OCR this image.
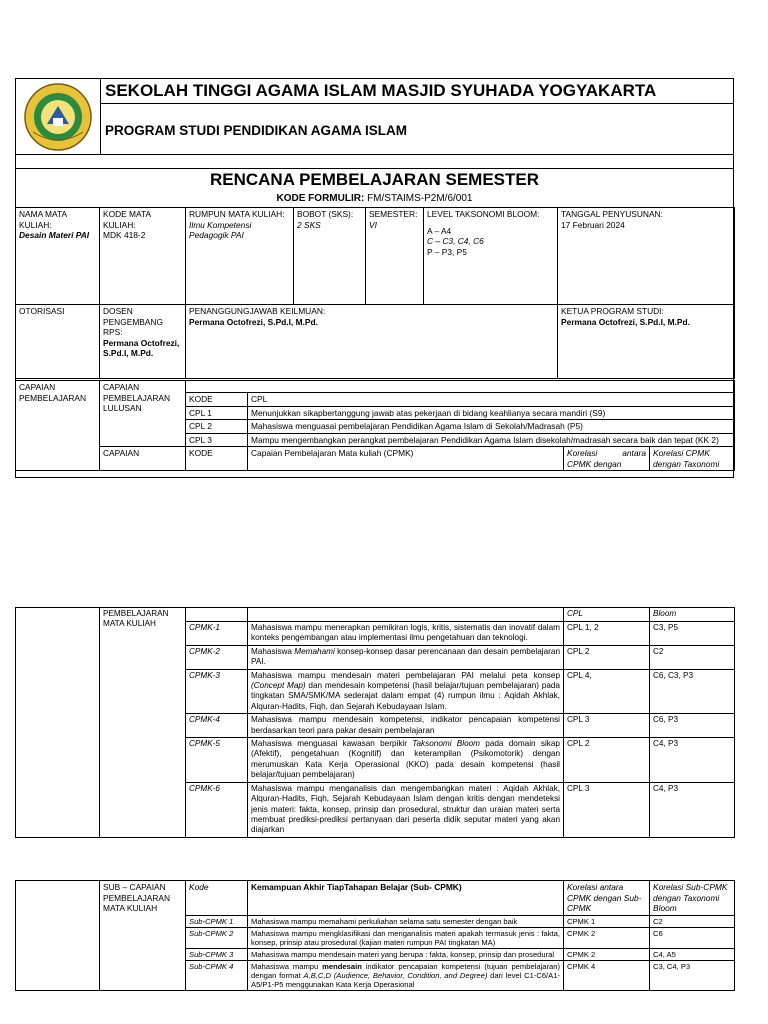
SEKOLAH TINGGI AGAMA ISLAM MASJID SYUHADA YOGYAKARTA
PROGRAM STUDI PENDIDIKAN AGAMA ISLAM
RENCANA PEMBELAJARAN SEMESTER
KODE FORMULIR: FM/STAIMS-P2M/6/001
NAMA MATA KULIAH:
Desain Materi PAI	KODE MATA KULIAH:
MDK 418-2	RUMPUN MATA KULIAH:
Ilmu Kompetensi Pedagogik PAI	BOBOT (SKS):
2 SKS	SEMESTER:
VI	LEVEL TAKSONOMI BLOOM:

A – A4
C – C3, C4, C6
P – P3, P5	TANGGAL PENYUSUNAN:
17 Februari 2024
OTORISASI	DOSEN PENGEMBANG RPS:
Permana Octofrezi, S.Pd.I, M.Pd.	PENANGGUNGJAWAB KEILMUAN:
Permana Octofrezi, S.Pd.I, M.Pd.				KETUA PROGRAM STUDI:
Permana Octofrezi, S.Pd.I, M.Pd.
CAPAIAN PEMBELAJARAN	CAPAIAN PEMBELAJARAN LULUSAN				
		KODE	CPL		
		CPL 1	Menunjukkan sikapbertanggung jawab atas pekerjaan di bidang keahlianya secara mandiri (S9)		
		CPL 2	Mahasiswa menguasai pembelajaran Pendidikan Agama Islam di Sekolah/Madrasah (P5)		
		CPL 3	Mampu mengembangkan perangkat pembelajaran Pendidikan Agama Islam disekolah/madrasah secara baik dan tepat (KK 2)		
	CAPAIAN	KODE	Capaian Pembelajaran Mata kuliah (CPMK)	Korelasi antara CPMK dengan	Korelasi CPMK dengan Taxonomi
	PEMBELAJARAN MATA KULIAH			CPL	Bloom
		CPMK-1	Mahasiswa mampu menerapkan pemikiran logis, kritis, sistematis dan inovatif dalam konteks pengembangan atau implementasi ilmu pengetahuan dan teknologi.	CPL 1, 2	C3, P5
		CPMK-2	Mahasiswa Memahami konsep-konsep dasar perencanaan dan desain pembelajaran PAI.	CPL 2	C2
		CPMK-3	Mahasiswa mampu mendesain materi pembelajaran PAI melalui peta konsep (Concept Map) dan mendesain kompetensi (hasil belajar/tujuan pembelajaran) pada tingkatan SMA/SMK/MA sederajat dalam empat (4) rumpun ilmu : Aqidah Akhlak, Alquran-Hadits, Fiqh, dan Sejarah Kebudayaan Islam.	CPL 4,	C6, C3, P3
		CPMK-4	Mahasiswa mampu mendesain kompetensi, indikator pencapaian kompetensi berdasarkan teori para pakar desain pembelajaran	CPL 3	C6, P3
		CPMK-5	Mahasiswa menguasai kawasan berpikir Taksonomi Bloom pada domain sikap (Afektif), pengetahuan (Kognitif) dan keterampilan (Psikomotorik) dengan merumuskan Kata Kerja Operasional (KKO) pada desain kompetensi (hasil belajar/tujuan pembelajaran)	CPL 2	C4, P3
		CPMK-6	Mahasiswa mampu menganalisis dan mengembangkan materi : Aqidah Akhlak, Alquran-Hadits, Fiqh, Sejarah Kebudayaan Islam dengan kritis dengan mendeteksi jenis materi: fakta, konsep, prinsip dan prosedural, struktur dan uraian materi serta membuat prediksi-prediksi pertanyaan dari peserta didik seputar materi yang akan diajarkan	CPL 3	C4, P3
	SUB – CAPAIAN PEMBELAJARAN MATA KULIAH	Kode	Kemampuan Akhir TiapTahapan Belajar (Sub- CPMK)	Korelasi antara CPMK dengan Sub-CPMK	Korelasi Sub-CPMK dengan Taxonomi Bloom
		Sub-CPMK 1	Mahasiswa mampu memahami perkuliahan selama satu semester dengan baik	CPMK 1	C2
		Sub-CPMK 2	Mahasiswa mampu mengklasifikasi dan menganalisis materi apakah termasuk jenis : fakta, konsep, prinsip atau prosedural (kajian materi rumpun PAI tingkatan MA)	CPMK 2	C6
		Sub-CPMK 3	Mahasiswa mampu mendesain materi yang berupa : fakta, konsep, prinsip dan prosedural	CPMK 2	C4, A5
		Sub-CPMK 4	Mahasiswa mampu mendesain indikator pencapaian kompetensi (tujuan pembelajaran) dengan format A,B,C,D (Audience, Behavior, Condition, and Degree) dari level C1-C6/A1-A5/P1-P5 menggunakan Kata Kerja Operasional	CPMK 4	C3, C4, P3
